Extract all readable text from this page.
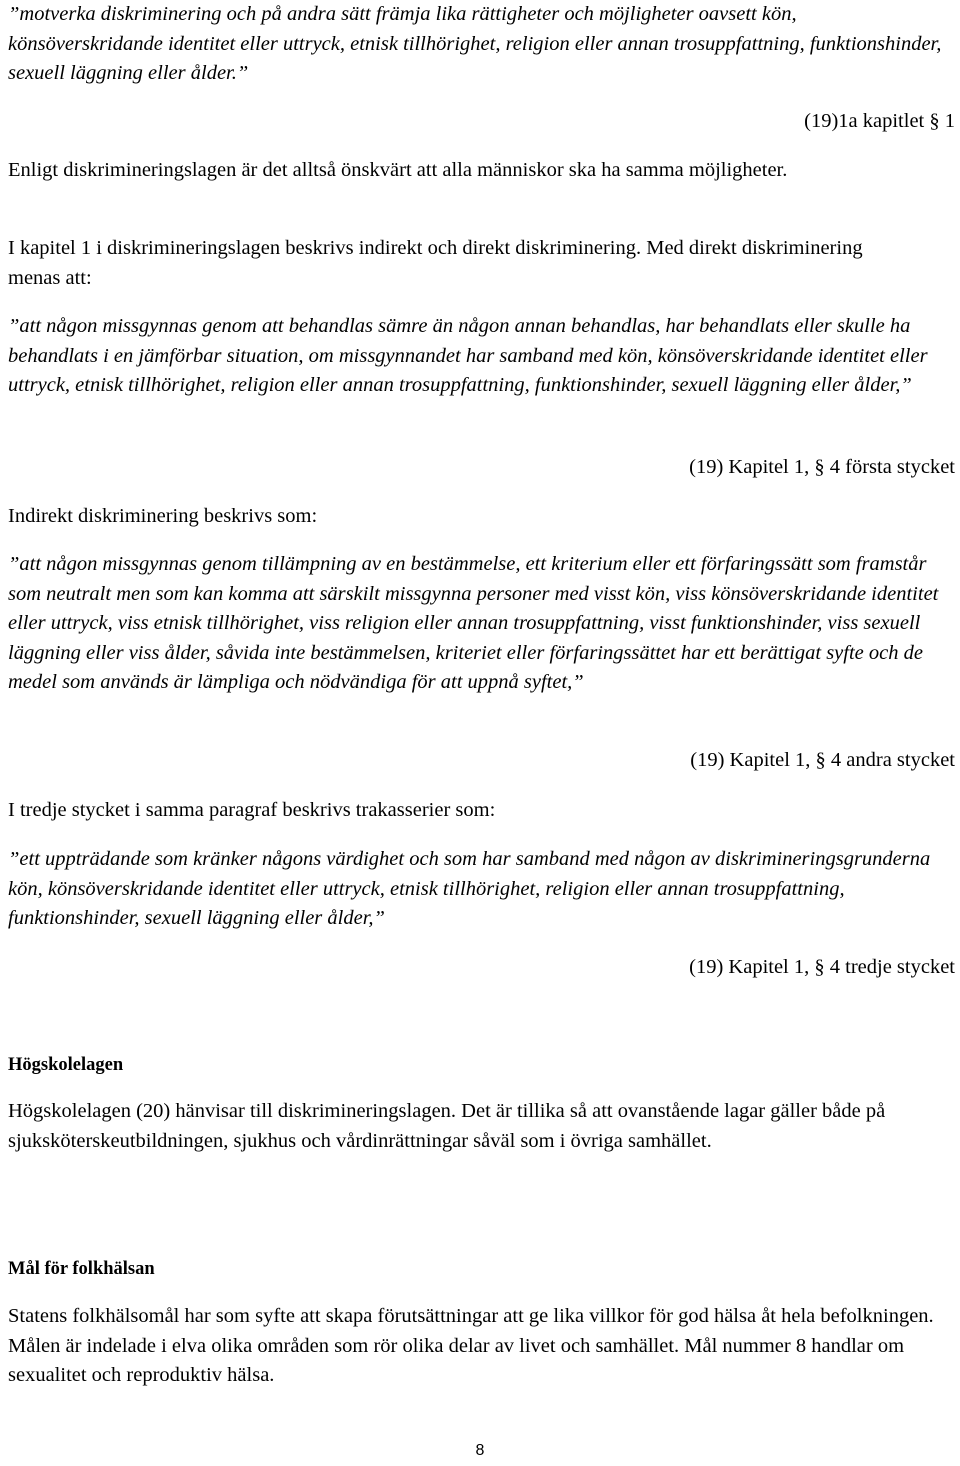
”motverka diskriminering och på andra sätt främja lika rättigheter och möjligheter oavsett kön, könsöverskridande identitet eller uttryck, etnisk tillhörighet, religion eller annan trosuppfattning, funktionshinder, sexuell läggning eller ålder.”

(19)1a kapitlet § 1

Enligt diskrimineringslagen är det alltså önskvärt att alla människor ska ha samma möjligheter.

I kapitel 1 i diskrimineringslagen beskrivs indirekt och direkt diskriminering. Med direkt diskriminering menas att:

”att någon missgynnas genom att behandlas sämre än någon annan behandlas, har behandlats eller skulle ha behandlats i en jämförbar situation, om missgynnandet har samband med kön, könsöverskridande identitet eller uttryck, etnisk tillhörighet, religion eller annan trosuppfattning, funktionshinder, sexuell läggning eller ålder,”

(19) Kapitel 1, § 4 första stycket

Indirekt diskriminering beskrivs som:

”att någon missgynnas genom tillämpning av en bestämmelse, ett kriterium eller ett förfaringssätt som framstår som neutralt men som kan komma att särskilt missgynna personer med visst kön, viss könsöverskridande identitet eller uttryck, viss etnisk tillhörighet, viss religion eller annan trosuppfattning, visst funktionshinder, viss sexuell läggning eller viss ålder, såvida inte bestämmelsen, kriteriet eller förfaringssättet har ett berättigat syfte och de medel som används är lämpliga och nödvändiga för att uppnå syftet,”

(19) Kapitel 1, § 4 andra stycket

I tredje stycket i samma paragraf beskrivs trakasserier som:

”ett uppträdande som kränker någons värdighet och som har samband med någon av diskrimineringsgrunderna kön, könsöverskridande identitet eller uttryck, etnisk tillhörighet, religion eller annan trosuppfattning, funktionshinder, sexuell läggning eller ålder,”

(19) Kapitel 1, § 4 tredje stycket
Högskolelagen

Högskolelagen (20) hänvisar till diskrimineringslagen. Det är tillika så att ovanstående lagar gäller både på sjuksköterskeutbildningen, sjukhus och vårdinrättningar såväl som i övriga samhället.

Mål för folkhälsan

Statens folkhälsomål har som syfte att skapa förutsättningar att ge lika villkor för god hälsa åt hela befolkningen. Målen är indelade i elva olika områden som rör olika delar av livet och samhället. Mål nummer 8 handlar om sexualitet och reproduktiv hälsa.

8
